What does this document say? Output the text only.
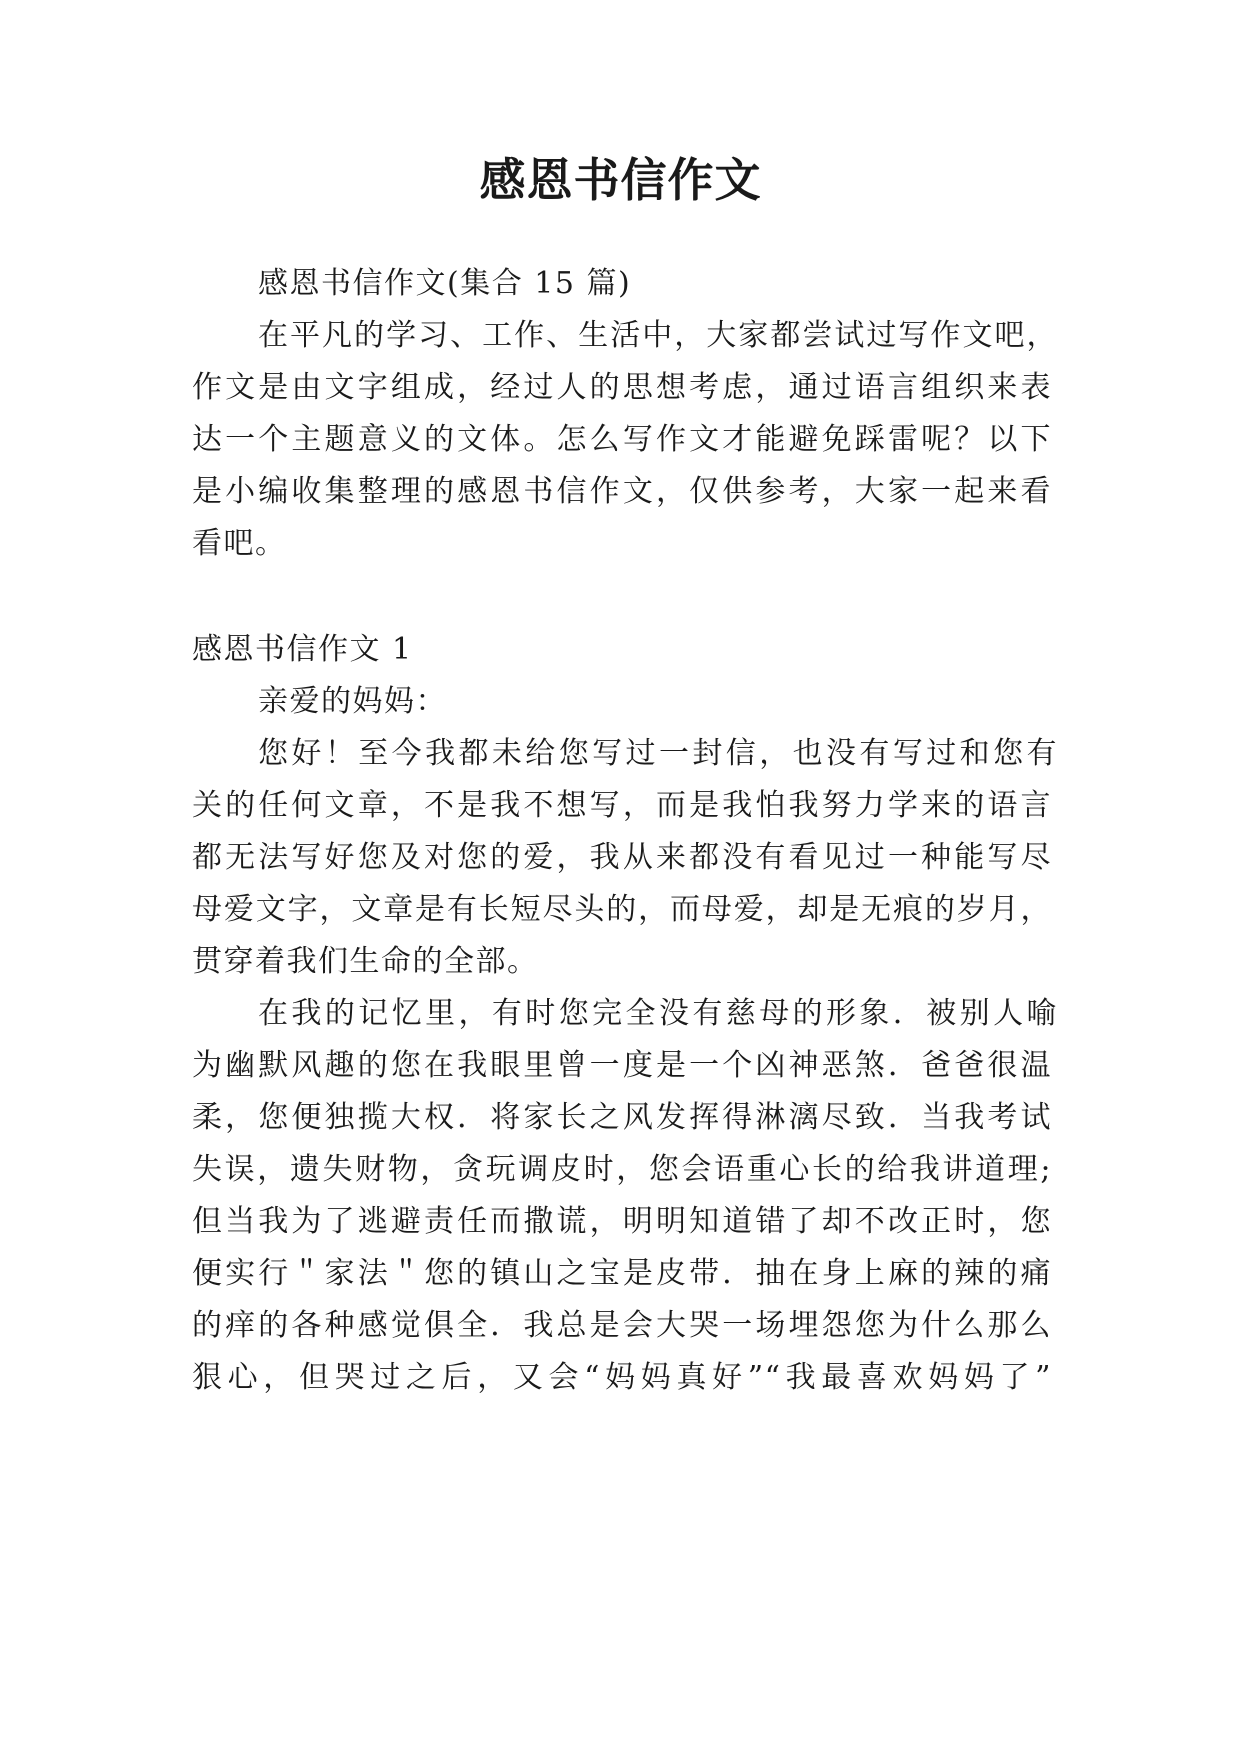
感恩书信作文
感恩书信作文(集合 15 篇)
在平凡的学习、工作、生活中，大家都尝试过写作文吧，
作文是由文字组成，经过人的思想考虑，通过语言组织来表
达一个主题意义的文体。怎么写作文才能避免踩雷呢？以下
是小编收集整理的感恩书信作文，仅供参考，大家一起来看
看吧。
感恩书信作文 1
亲爱的妈妈：
您好！至今我都未给您写过一封信，也没有写过和您有
关的任何文章，不是我不想写，而是我怕我努力学来的语言
都无法写好您及对您的爱，我从来都没有看见过一种能写尽
母爱文字，文章是有长短尽头的，而母爱，却是无痕的岁月，
贯穿着我们生命的全部。
在我的记忆里，有时您完全没有慈母的形象．被别人喻
为幽默风趣的您在我眼里曾一度是一个凶神恶煞．爸爸很温
柔，您便独揽大权．将家长之风发挥得淋漓尽致．当我考试
失误，遗失财物，贪玩调皮时，您会语重心长的给我讲道理;
但当我为了逃避责任而撒谎，明明知道错了却不改正时，您
便实行＂家法＂您的镇山之宝是皮带．抽在身上麻的辣的痛
的痒的各种感觉俱全．我总是会大哭一场埋怨您为什么那么
狠心，但哭过之后，又会“妈妈真好”“我最喜欢妈妈了”
